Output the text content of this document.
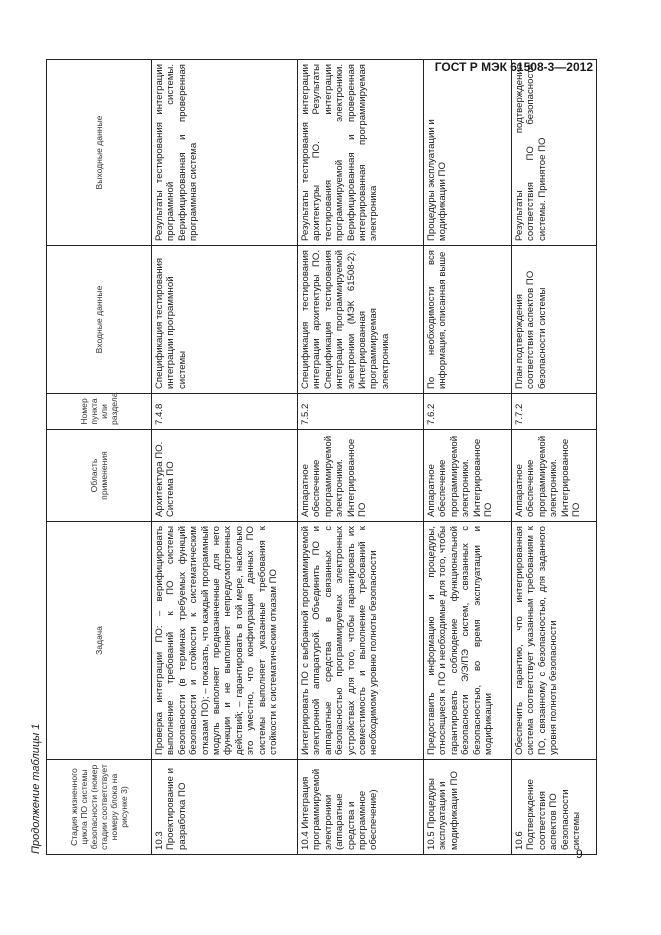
ГОСТ Р МЭК 61508-3—2012
Продолжение таблицы 1	Стадия жизненного цикла ПО системы безопасности (номер стадии соответствует номеру блока на рисунке 3)	Задача	Область применения	Номер пункта или раздела	Входные данные	Выходные данные
10.3 Проектирование и разработка ПО	Проверка интеграции ПО: – верифицировать выполнение требований к ПО системы безопасности (в терминах требуемых функций безопасности и стойкости к систематическим отказам ПО); – показать, что каждый программный модуль выполняет предназначенные для него функции и не выполняет непредусмотренных действий; – гарантировать в той мере, насколько это уместно, что конфигурация данных ПО системы выполняет указанные требования к стойкости к систематическим отказам ПО	Архитектура ПО. Система ПО	7.4.8	Спецификация тестирования интеграции программной системы	Результаты тестирования интеграции программной системы. Верифицированная и проверенная программная система
10.4 Интеграция программируемой электроники (аппаратные средства и программное обеспечение)	Интегрировать ПО с выбранной программируемой электронной аппаратурой. Объединить ПО и аппаратные средства в связанных с безопасностью программируемых электронных устройствах для того, чтобы гарантировать их совместимость и выполнение требований к необходимому уровню полноты безопасности	Аппаратное обеспечение программируемой электроники. Интегрированное ПО	7.5.2	Спецификация тестирования интеграции архитектуры ПО. Спецификация тестирования интеграции программируемой электроники (МЭК 61508-2). Интегрированная программируемая электроника	Результаты тестирования интеграции архитектуры ПО. Результаты тестирования интеграции программируемой электроники. Верифицированная и проверенная интегрированная программируемая электроника
10.5 Процедуры эксплуатации и модификации ПО	Предоставить информацию и процедуры, относящиеся к ПО и необходимые для того, чтобы гарантировать соблюдение функциональной безопасности Э/Э/ПЭ систем, связанных с безопасностью, во время эксплуатации и модификации	Аппаратное обеспечение программируемой электроники. Интегрированное ПО	7.6.2	По необходимости вся информация, описанная выше	Процедуры эксплуатации и модификации ПО
10.6 Подтверждение соответствия аспектов ПО безопасности системы	Обеспечить гарантию, что интегрированная система соответствует указанным требованиям к ПО, связанному с безопасностью, для заданного уровня полноты безопасности	Аппаратное обеспечение программируемой электроники. Интегрированное ПО	7.7.2	План подтверждения соответствия аспектов ПО безопасности системы	Результаты подтверждения соответствия ПО безопасности системы. Принятое ПО
9
